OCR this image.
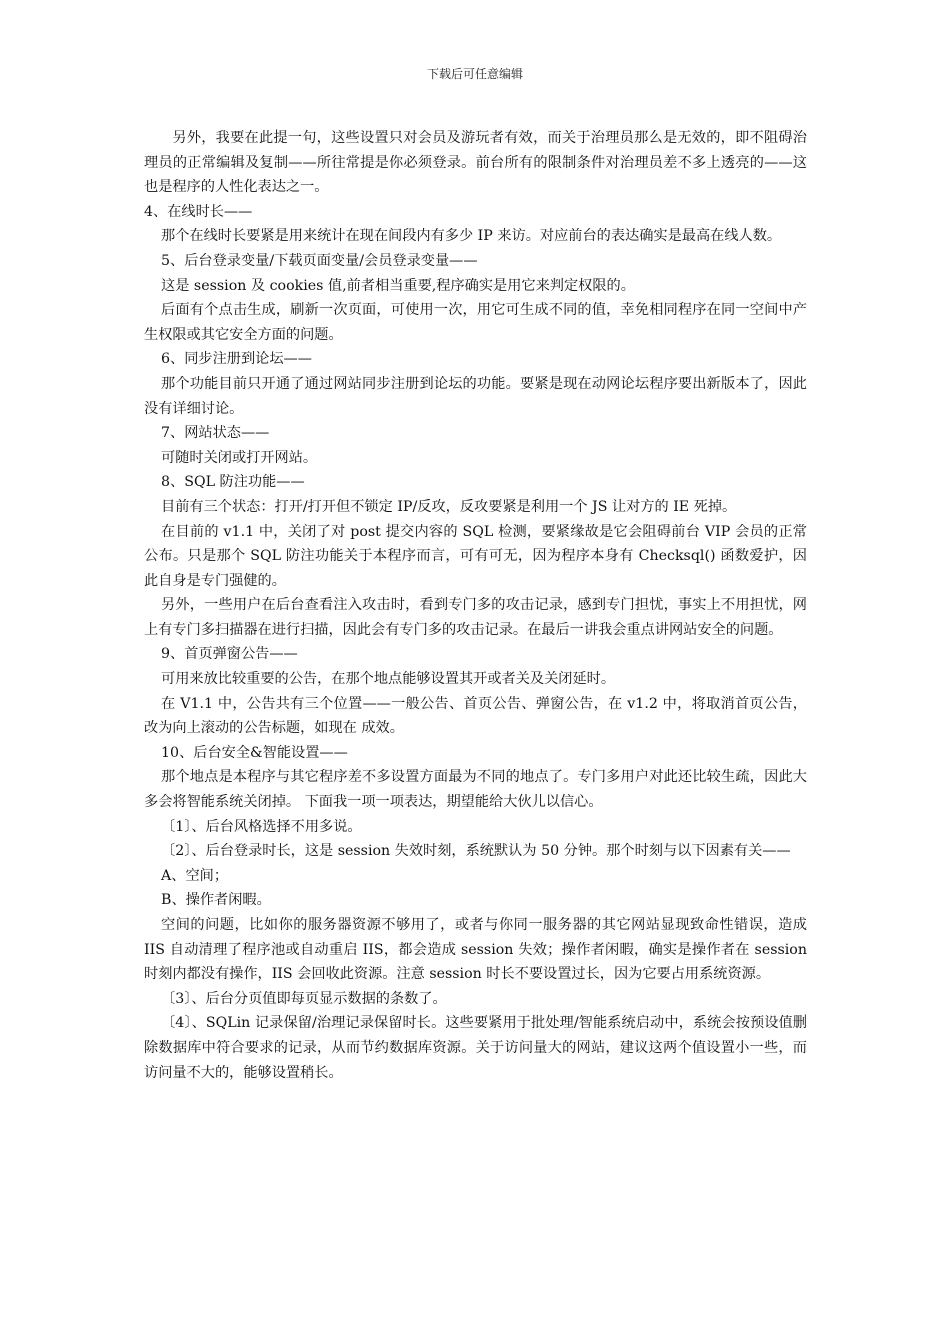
下载后可任意编辑

另外，我要在此提一句，这些设置只对会员及游玩者有效，而关于治理员那么是无效的，即不阻碍治理员的正常编辑及复制——所往常提是你必须登录。前台所有的限制条件对治理员差不多上透亮的——这也是程序的人性化表达之一。

4、在线时长——

那个在线时长要紧是用来统计在现在间段内有多少 IP 来访。对应前台的表达确实是最高在线人数。

5、后台登录变量/下载页面变量/会员登录变量——

这是 session 及 cookies 值,前者相当重要,程序确实是用它来判定权限的。

后面有个点击生成，刷新一次页面，可使用一次，用它可生成不同的值，幸免相同程序在同一空间中产生权限或其它安全方面的问题。

6、同步注册到论坛——

那个功能目前只开通了通过网站同步注册到论坛的功能。要紧是现在动网论坛程序要出新版本了，因此没有详细讨论。

7、网站状态——

可随时关闭或打开网站。

8、SQL 防注功能——

目前有三个状态：打开/打开但不锁定 IP/反攻，反攻要紧是利用一个 JS 让对方的 IE 死掉。

在目前的 v1.1 中，关闭了对 post 提交内容的 SQL 检测，要紧缘故是它会阻碍前台 VIP 会员的正常公布。只是那个 SQL 防注功能关于本程序而言，可有可无，因为程序本身有 Checksql() 函数爱护，因此自身是专门强健的。

另外，一些用户在后台查看注入攻击时，看到专门多的攻击记录，感到专门担忧，事实上不用担忧，网上有专门多扫描器在进行扫描，因此会有专门多的攻击记录。在最后一讲我会重点讲网站安全的问题。

9、首页弹窗公告——

可用来放比较重要的公告，在那个地点能够设置其开或者关及关闭延时。

在 V1.1 中，公告共有三个位置——一般公告、首页公告、弹窗公告，在 v1.2 中，将取消首页公告，改为向上滚动的公告标题，如现在 成效。

10、后台安全&智能设置——

那个地点是本程序与其它程序差不多设置方面最为不同的地点了。专门多用户对此还比较生疏，因此大多会将智能系统关闭掉。 下面我一项一项表达，期望能给大伙儿以信心。

〔1〕、后台风格选择不用多说。

〔2〕、后台登录时长，这是 session 失效时刻，系统默认为 50 分钟。那个时刻与以下因素有关——

A、空间；

B、操作者闲暇。

空间的问题，比如你的服务器资源不够用了，或者与你同一服务器的其它网站显现致命性错误，造成 IIS 自动清理了程序池或自动重启 IIS，都会造成 session 失效；操作者闲暇，确实是操作者在 session 时刻内都没有操作，IIS 会回收此资源。注意 session 时长不要设置过长，因为它要占用系统资源。

〔3〕、后台分页值即每页显示数据的条数了。

〔4〕、SQLin 记录保留/治理记录保留时长。这些要紧用于批处理/智能系统启动中，系统会按预设值删除数据库中符合要求的记录，从而节约数据库资源。关于访问量大的网站，建议这两个值设置小一些，而访问量不大的，能够设置稍长。
